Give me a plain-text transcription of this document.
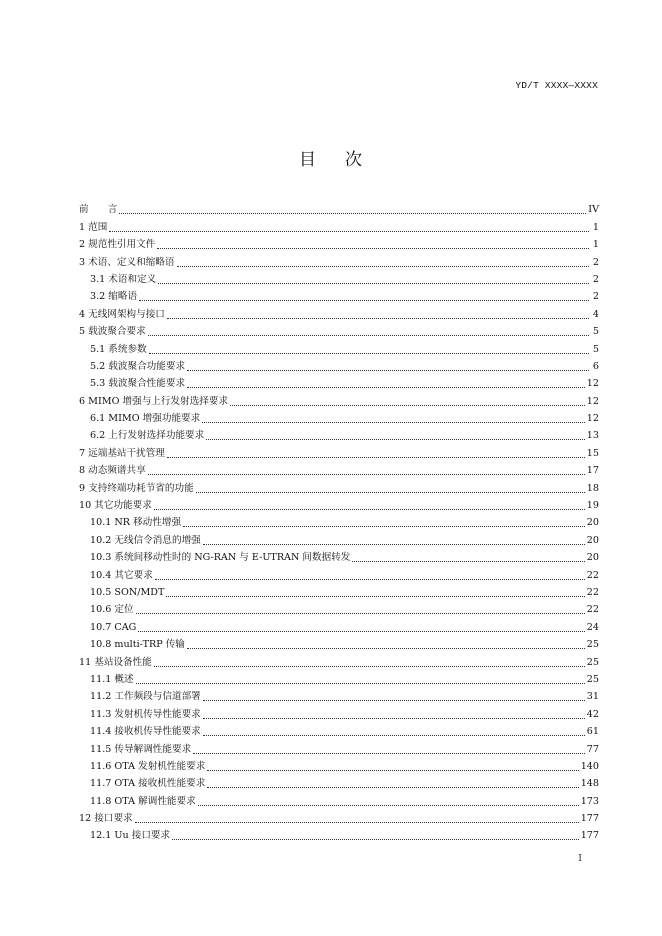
YD/T XXXX—XXXX
目 次
前　　言	IV
1 范围	1
2 规范性引用文件	1
3 术语、定义和缩略语	2
3.1 术语和定义	2
3.2 缩略语	2
4 无线网架构与接口	4
5 载波聚合要求	5
5.1 系统参数	5
5.2 载波聚合功能要求	6
5.3 载波聚合性能要求	12
6 MIMO 增强与上行发射选择要求	12
6.1 MIMO 增强功能要求	12
6.2 上行发射选择功能要求	13
7 远端基站干扰管理	15
8 动态频谱共享	17
9 支持终端功耗节省的功能	18
10 其它功能要求	19
10.1 NR 移动性增强	20
10.2 无线信令消息的增强	20
10.3 系统间移动性时的 NG-RAN 与 E-UTRAN 间数据转发	20
10.4 其它要求	22
10.5 SON/MDT	22
10.6 定位	22
10.7 CAG	24
10.8 multi-TRP 传输	25
11 基站设备性能	25
11.1 概述	25
11.2 工作频段与信道部署	31
11.3 发射机传导性能要求	42
11.4 接收机传导性能要求	61
11.5 传导解调性能要求	77
11.6 OTA 发射机性能要求	140
11.7 OTA 接收机性能要求	148
11.8 OTA 解调性能要求	173
12 接口要求	177
12.1 Uu 接口要求	177
I
